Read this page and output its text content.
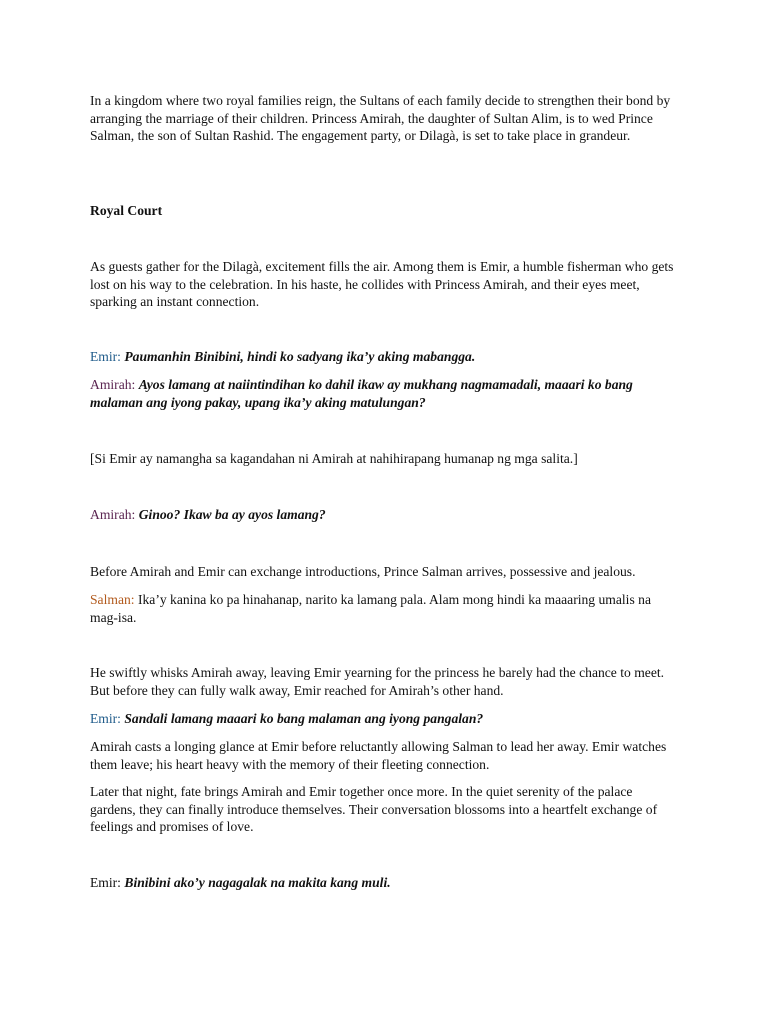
In a kingdom where two royal families reign, the Sultans of each family decide to strengthen their bond by arranging the marriage of their children. Princess Amirah, the daughter of Sultan Alim, is to wed Prince Salman, the son of Sultan Rashid. The engagement party, or Dilagà, is set to take place in grandeur.

Royal Court

As guests gather for the Dilagà, excitement fills the air. Among them is Emir, a humble fisherman who gets lost on his way to the celebration. In his haste, he collides with Princess Amirah, and their eyes meet, sparking an instant connection.

Emir: Paumanhin Binibini, hindi ko sadyang ika’y aking mabangga.

Amirah: Ayos lamang at naiintindihan ko dahil ikaw ay mukhang nagmamadali, maaari ko bang malaman ang iyong pakay, upang ika’y aking matulungan?

[Si Emir ay namangha sa kagandahan ni Amirah at nahihirapang humanap ng mga salita.]

Amirah: Ginoo? Ikaw ba ay ayos lamang?

Before Amirah and Emir can exchange introductions, Prince Salman arrives, possessive and jealous.

Salman: Ika’y kanina ko pa hinahanap, narito ka lamang pala. Alam mong hindi ka maaaring umalis na mag-isa.

He swiftly whisks Amirah away, leaving Emir yearning for the princess he barely had the chance to meet. But before they can fully walk away, Emir reached for Amirah’s other hand.

Emir: Sandali lamang maaari ko bang malaman ang iyong pangalan?

Amirah casts a longing glance at Emir before reluctantly allowing Salman to lead her away. Emir watches them leave; his heart heavy with the memory of their fleeting connection.

Later that night, fate brings Amirah and Emir together once more. In the quiet serenity of the palace gardens, they can finally introduce themselves. Their conversation blossoms into a heartfelt exchange of feelings and promises of love.

Emir: Binibini ako’y nagagalak na makita kang muli.
